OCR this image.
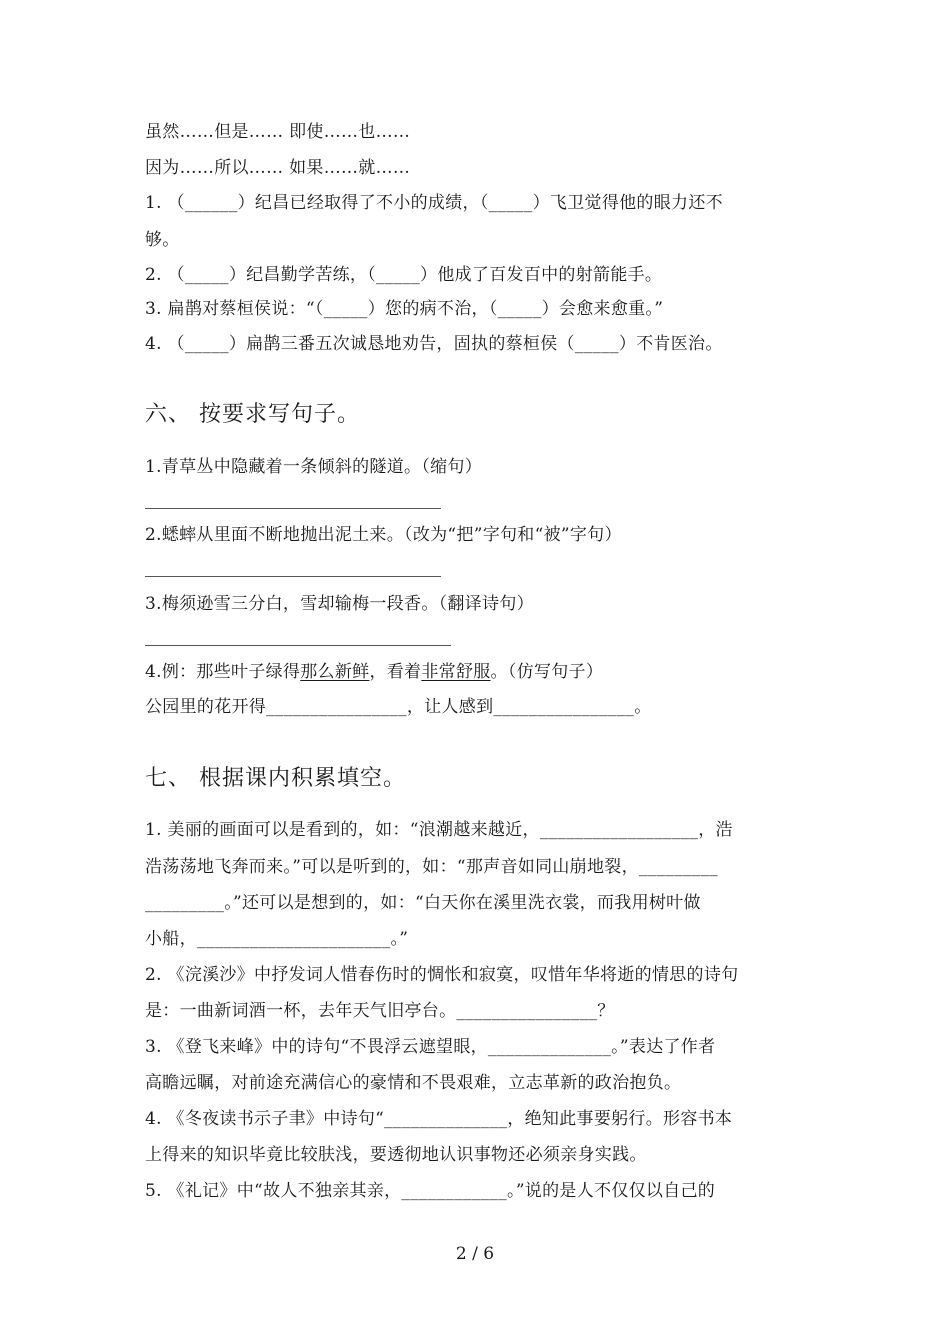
虽然……但是…… 即使……也……
因为……所以…… 如果……就……
1. （______）纪昌已经取得了不小的成绩，（_____）飞卫觉得他的眼力还不
够。
2. （_____）纪昌勤学苦练，（_____）他成了百发百中的射箭能手。
3. 扁鹊对蔡桓侯说：“（_____）您的病不治，（_____）会愈来愈重。”
4. （_____）扁鹊三番五次诚恳地劝告，固执的蔡桓侯（_____）不肯医治。
六、 按要求写句子。
1.青草丛中隐藏着一条倾斜的隧道。（缩句）
2.蟋蟀从里面不断地抛出泥土来。（改为“把”字句和“被”字句）
3.梅须逊雪三分白，雪却输梅一段香。（翻译诗句）
4.例：那些叶子绿得那么新鲜，看着非常舒服。（仿写句子）
公园里的花开得________________，让人感到________________。
七、 根据课内积累填空。
1. 美丽的画面可以是看到的，如：“浪潮越来越近，__________________，浩
浩荡荡地飞奔而来。”可以是听到的，如：“那声音如同山崩地裂，_________
_________。”还可以是想到的，如：“白天你在溪里洗衣裳，而我用树叶做
小船，______________________。”
2. 《浣溪沙》中抒发词人惜春伤时的惆怅和寂寞，叹惜年华将逝的情思的诗句
是：一曲新词酒一杯，去年天气旧亭台。________________？
3. 《登飞来峰》中的诗句“不畏浮云遮望眼，______________。”表达了作者
高瞻远瞩，对前途充满信心的豪情和不畏艰难，立志革新的政治抱负。
4. 《冬夜读书示子聿》中诗句“______________，绝知此事要躬行。形容书本
上得来的知识毕竟比较肤浅，要透彻地认识事物还必须亲身实践。
5. 《礼记》中“故人不独亲其亲，____________。”说的是人不仅仅以自己的
2 / 6
